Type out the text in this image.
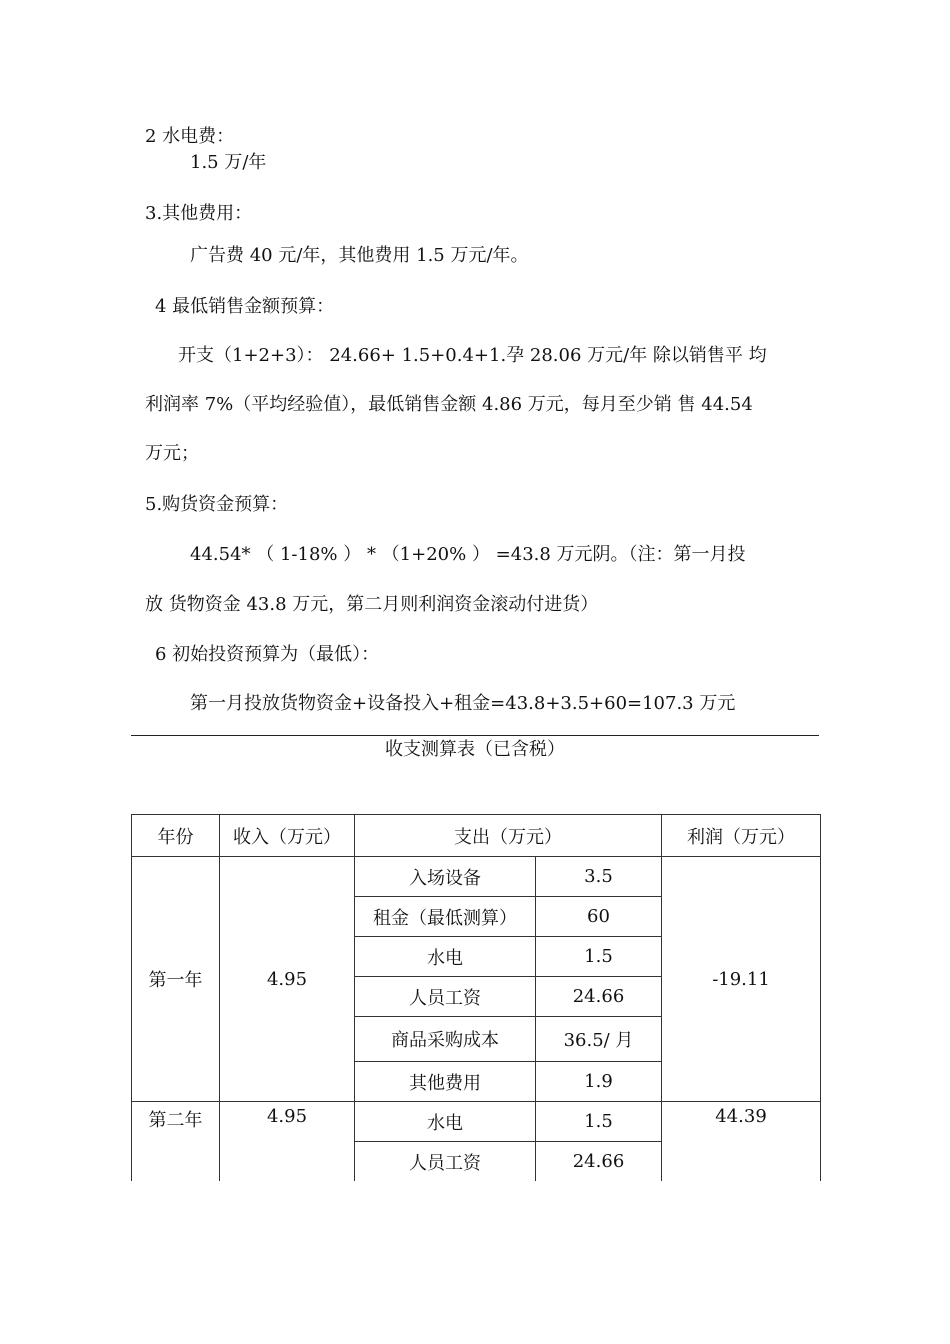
2 水电费：
1.5 万/年
3.其他费用：
广告费 40 元/年，其他费用 1.5 万元/年。
4 最低销售金额预算：
开支（1+2+3）： 24.66+ 1.5+0.4+1.孕 28.06 万元/年 除以销售平 均
利润率 7%（平均经验值），最低销售金额 4.86 万元，每月至少销 售 44.54
万元；
5.购货资金预算：
44.54* （ 1-18% ） * （1+20% ） =43.8 万元阴。（注：第一月投
放 货物资金 43.8 万元，第二月则利润资金滚动付进货）
6 初始投资预算为（最低）：
第一月投放货物资金+设备投入+租金=43.8+3.5+60=107.3 万元
收支测算表（已含税）
年份	收入（万元）	支出（万元）		利润（万元）
第一年	4.95	入场设备	3.5	-19.11
		租金（最低测算）	60	
		水电	1.5	
		人员工资	24.66	
		商品采购成本	36.5/ 月	
		其他费用	1.9	
第二年	4.95	水电	1.5	44.39
		人员工资	24.66	
